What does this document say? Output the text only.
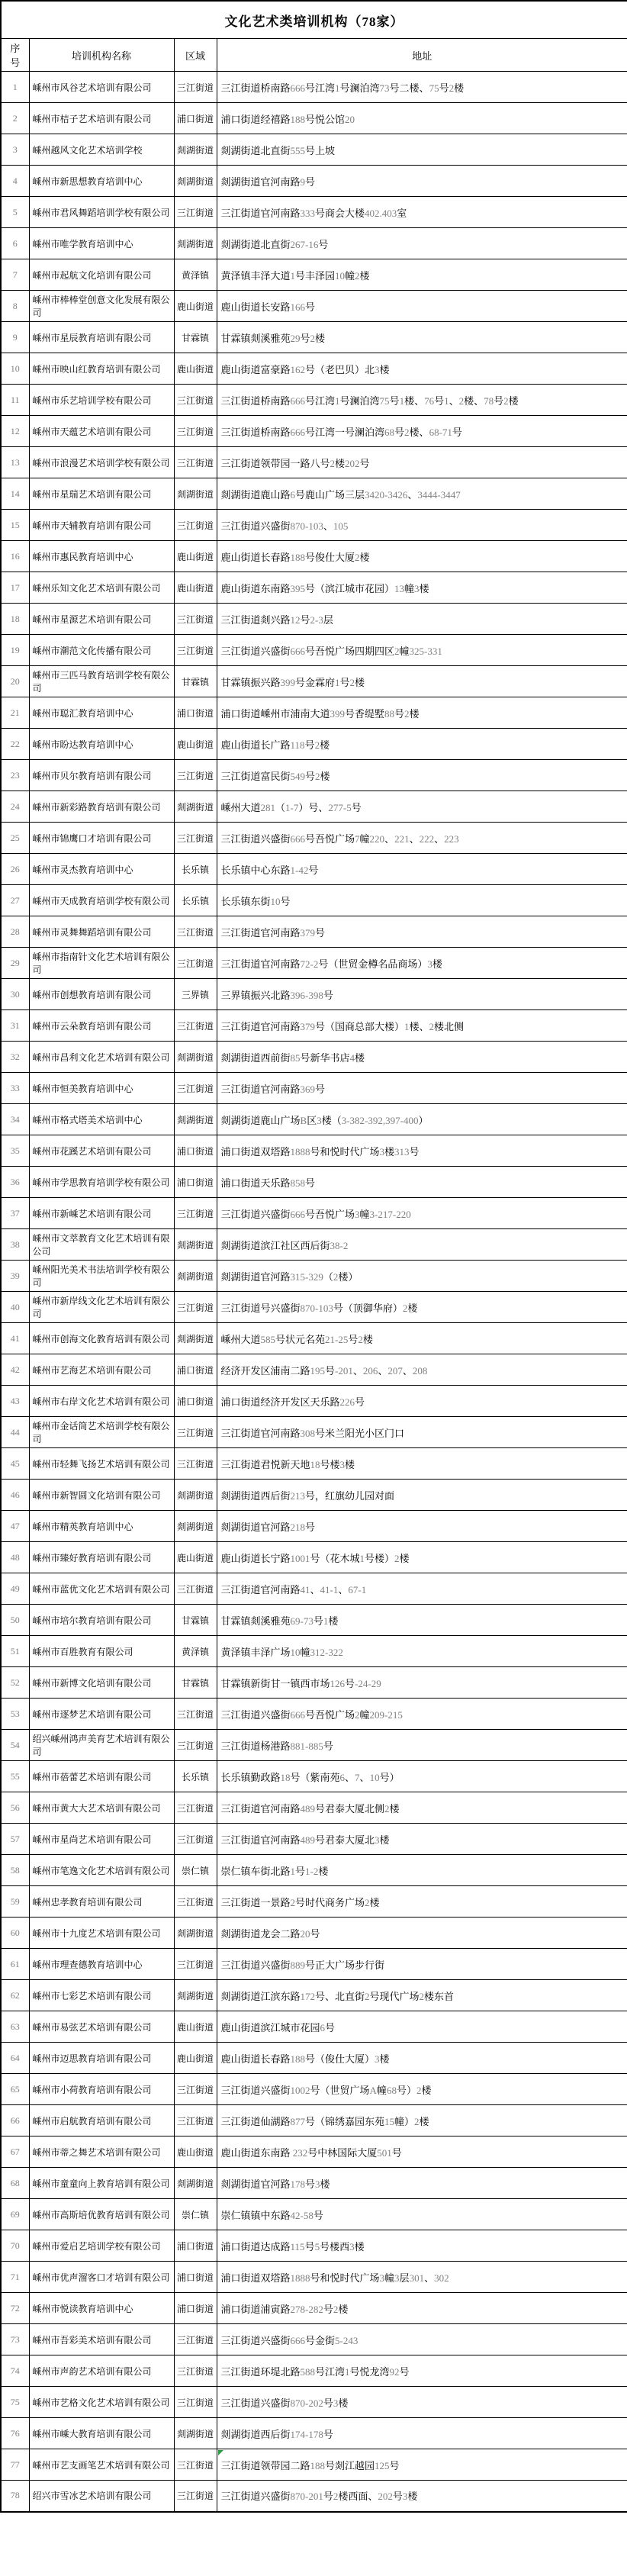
文化艺术类培训机构（78家）			
序号	培训机构名称	区域	地址
1	嵊州市风谷艺术培训有限公司	三江街道	三江街道桥南路666号江湾1号澜泊湾73号二楼、75号2楼
2	嵊州市桔子艺术培训有限公司	浦口街道	浦口街道经禧路188号悦公馆20
3	嵊州越风文化艺术培训学校	剡湖街道	剡湖街道北直街555号上坡
4	嵊州市新思想教育培训中心	剡湖街道	剡湖街道官河南路9号
5	嵊州市君风舞蹈培训学校有限公司	三江街道	三江街道官河南路333号商会大楼402.403室
6	嵊州市唯学教育培训中心	剡湖街道	剡湖街道北直街267-16号
7	嵊州市起航文化培训有限公司	黄泽镇	黄泽镇丰泽大道1号丰泽园10幢2楼
8	嵊州市棒棒堂创意文化发展有限公司	鹿山街道	鹿山街道长安路166号
9	嵊州市星辰教育培训有限公司	甘霖镇	甘霖镇剡溪雅苑29号2楼
10	嵊州市映山红教育培训有限公司	鹿山街道	鹿山街道富豪路162号（老巴贝）北3楼
11	嵊州市乐艺培训学校有限公司	三江街道	三江街道桥南路666号江湾1号澜泊湾75号1楼、76号1、2楼、78号2楼
12	嵊州市天蕴艺术培训有限公司	三江街道	三江街道桥南路666号江湾一号澜泊湾68号2楼、68-71号
13	嵊州市浪漫艺术培训学校有限公司	三江街道	三江街道领带园一路八号2楼202号
14	嵊州市星瑞艺术培训有限公司	剡湖街道	剡湖街道鹿山路6号鹿山广场三层3420-3426、3444-3447
15	嵊州市天辅教育培训有限公司	三江街道	三江街道兴盛街870-103、105
16	嵊州市惠民教育培训中心	鹿山街道	鹿山街道长春路188号俊仕大厦2楼
17	嵊州乐知文化艺术培训有限公司	鹿山街道	鹿山街道东南路395号（滨江城市花园）13幢3楼
18	嵊州市星源艺术培训有限公司	三江街道	三江街道剡兴路12号2-3层
19	嵊州市潮范文化传播有限公司	三江街道	三江街道兴盛街666号吾悦广场四期四区2幢325-331
20	嵊州市三匹马教育培训学校有限公司	甘霖镇	甘霖镇振兴路399号金霖府1号2楼
21	嵊州市聪汇教育培训中心	浦口街道	浦口街道嵊州市浦南大道399号香缇墅88号2楼
22	嵊州市盼达教育培训中心	鹿山街道	鹿山街道长广路118号2楼
23	嵊州市贝尔教育培训有限公司	三江街道	三江街道富民街549号2楼
24	嵊州市新彩路教育培训有限公司	剡湖街道	嵊州大道281（1-7）号、277-5号
25	嵊州市锦鹰口才培训有限公司	三江街道	三江街道兴盛街666号吾悦广场7幢220、221、222、223
26	嵊州市灵杰教育培训中心	长乐镇	长乐镇中心东路1-42号
27	嵊州市天成教育培训学校有限公司	长乐镇	长乐镇东街10号
28	嵊州市灵舞舞蹈培训有限公司	三江街道	三江街道官河南路379号
29	嵊州市指南针文化艺术培训有限公司	三江街道	三江街道官河南路72-2号（世贸金樽名品商场）3楼
30	嵊州市创想教育培训有限公司	三界镇	三界镇振兴北路396-398号
31	嵊州市云朵教育培训有限公司	三江街道	三江街道官河南路379号（国商总部大楼）1楼、2楼北侧
32	嵊州市昌利文化艺术培训有限公司	剡湖街道	剡湖街道西前街85号新华书店4楼
33	嵊州市恒美教育培训中心	三江街道	三江街道官河南路369号
34	嵊州市格式塔美术培训中心	剡湖街道	剡湖街道鹿山广场B区3楼（3-382-392,397-400）
35	嵊州市花蹊艺术培训有限公司	浦口街道	浦口街道双塔路1888号和悦时代广场3楼313号
36	嵊州市学思教育培训学校有限公司	浦口街道	浦口街道天乐路858号
37	嵊州市新嵊艺术培训有限公司	三江街道	三江街道兴盛街666号吾悦广场3幢3-217-220
38	嵊州市文萃教育文化艺术培训有限公司	剡湖街道	剡湖街道滨江社区西后街38-2
39	嵊州阳光美术书法培训学校有限公司	剡湖街道	剡湖街道官河路315-329（2楼）
40	嵊州市新岸线文化艺术培训有限公司	三江街道	三江街道号兴盛街870-103号（顶御华府）2楼
41	嵊州市创海文化教育培训有限公司	剡湖街道	嵊州大道585号状元名苑21-25号2楼
42	嵊州市艺海艺术培训有限公司	浦口街道	经济开发区浦南二路195号-201、206、207、208
43	嵊州市右岸文化艺术培训有限公司	浦口街道	浦口街道经济开发区天乐路226号
44	嵊州市金话筒艺术培训学校有限公司	三江街道	三江街道官河南路308号米兰阳光小区门口
45	嵊州市轻舞飞扬艺术培训有限公司	三江街道	三江街道君悦新天地18号楼3楼
46	嵊州市新智圆文化培训有限公司	剡湖街道	剡湖街道西后街213号，红旗幼儿园对面
47	嵊州市精英教育培训中心	剡湖街道	剡湖街道官河路218号
48	嵊州市臻好教育培训有限公司	鹿山街道	鹿山街道长宁路1001号（花木城1号楼）2楼
49	嵊州市蓝优文化艺术培训有限公司	三江街道	三江街道官河南路41、41-1、67-1
50	嵊州市培尔教育培训有限公司	甘霖镇	甘霖镇剡溪雅苑69-73号1楼
51	嵊州市百胜教育有限公司	黄泽镇	黄泽镇丰泽广场10幢312-322
52	嵊州市新博文化培训有限公司	甘霖镇	甘霖镇新街甘一镇西市场126号-24-29
53	嵊州市逐梦艺术培训有限公司	三江街道	三江街道兴盛街666号吾悦广场2幢209-215
54	绍兴嵊州鸿声美育艺术培训有限公司	三江街道	三江街道杨港路881-885号
55	嵊州市蓓蕾艺术培训有限公司	长乐镇	长乐镇勤政路18号（紫南苑6、7、10号）
56	嵊州市黄大大艺术培训有限公司	三江街道	三江街道官河南路489号君泰大厦北侧2楼
57	嵊州市星尚艺术培训有限公司	三江街道	三江街道官河南路489号君泰大厦北3楼
58	嵊州市笔逸文化艺术培训有限公司	崇仁镇	崇仁镇车街北路1号1-2楼
59	嵊州忠孝教育培训有限公司	三江街道	三江街道一景路2号时代商务广场2楼
60	嵊州市十九度艺术培训有限公司	剡湖街道	剡湖街道龙会二路20号
61	嵊州市理查德教育培训中心	三江街道	三江街道兴盛街889号正大广场步行街
62	嵊州市七彩艺术培训有限公司	剡湖街道	剡湖街道江滨东路172号、北直街2号现代广场2楼东首
63	嵊州市易弦艺术培训有限公司	鹿山街道	鹿山街道滨江城市花园6号
64	嵊州市迈思教育培训有限公司	鹿山街道	鹿山街道长春路188号（俊仕大厦）3楼
65	嵊州市小荷教育培训有限公司	三江街道	三江街道兴盛街1002号（世贸广场A幢68号）2楼
66	嵊州市启航教育培训有限公司	三江街道	三江街道仙湖路877号（锦绣嘉园东苑15幢）2楼
67	嵊州市蒂之舞艺术培训有限公司	鹿山街道	鹿山街道东南路 232号中林国际大厦501号
68	嵊州市童童向上教育培训有限公司	剡湖街道	剡湖街道官河路178号3楼
69	嵊州市高斯培优教育培训有限公司	崇仁镇	崇仁镇镇中东路42-58号
70	嵊州市爱启艺培训学校有限公司	浦口街道	浦口街道达成路115号5号楼西3楼
71	嵊州市优声溜客口才培训有限公司	浦口街道	浦口街道双塔路1888号和悦时代广场3幢3层301、302
72	嵊州市悦读教育培训中心	浦口街道	浦口街道浦寅路278-282号2楼
73	嵊州市吾彩美术培训有限公司	三江街道	三江街道兴盛街666号金街5-243
74	嵊州市声韵艺术培训有限公司	三江街道	三江街道环堤北路588号江湾1号悦龙湾92号
75	嵊州市艺格文化艺术培训有限公司	三江街道	三江街道兴盛街870-202号3楼
76	嵊州市嵊大教育培训有限公司	剡湖街道	剡湖街道西后街174-178号
77	嵊州市艺支画笔艺术培训有限公司	三江街道	三江街道领带园二路188号剡江越园125号

78	绍兴市雪冰艺术培训有限公司	三江街道	三江街道兴盛街870-201号2楼西面、202号3楼
